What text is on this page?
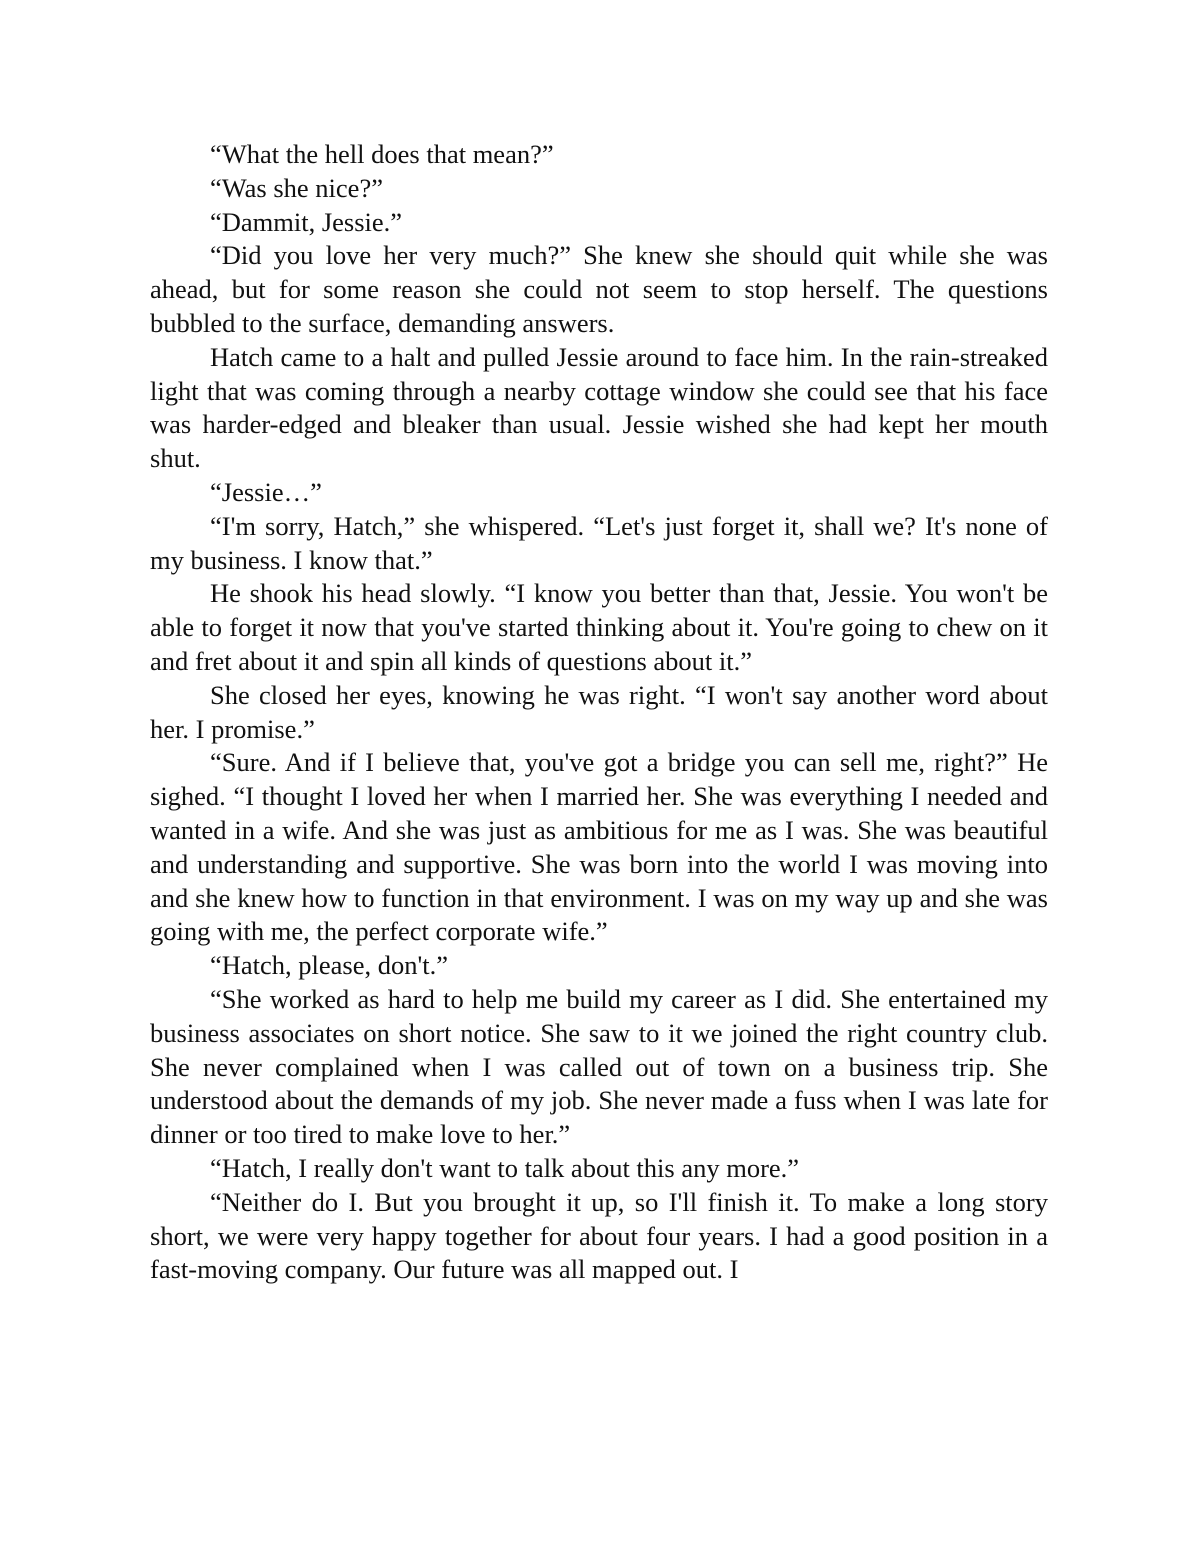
“What the hell does that mean?”

“Was she nice?”

“Dammit, Jessie.”

“Did you love her very much?” She knew she should quit while she was ahead, but for some reason she could not seem to stop herself. The questions bubbled to the surface, demanding answers.

Hatch came to a halt and pulled Jessie around to face him. In the rain-streaked light that was coming through a nearby cottage window she could see that his face was harder-edged and bleaker than usual. Jessie wished she had kept her mouth shut.

“Jessie…”

“I'm sorry, Hatch,” she whispered. “Let's just forget it, shall we? It's none of my business. I know that.”

He shook his head slowly. “I know you better than that, Jessie. You won't be able to forget it now that you've started thinking about it. You're going to chew on it and fret about it and spin all kinds of questions about it.”

She closed her eyes, knowing he was right. “I won't say another word about her. I promise.”

“Sure. And if I believe that, you've got a bridge you can sell me, right?” He sighed. “I thought I loved her when I married her. She was everything I needed and wanted in a wife. And she was just as ambitious for me as I was. She was beautiful and understanding and supportive. She was born into the world I was moving into and she knew how to function in that environment. I was on my way up and she was going with me, the perfect corporate wife.”

“Hatch, please, don't.”

“She worked as hard to help me build my career as I did. She entertained my business associates on short notice. She saw to it we joined the right country club. She never complained when I was called out of town on a business trip. She understood about the demands of my job. She never made a fuss when I was late for dinner or too tired to make love to her.”

“Hatch, I really don't want to talk about this any more.”

“Neither do I. But you brought it up, so I'll finish it. To make a long story short, we were very happy together for about four years. I had a good position in a fast-moving company. Our future was all mapped out. I
